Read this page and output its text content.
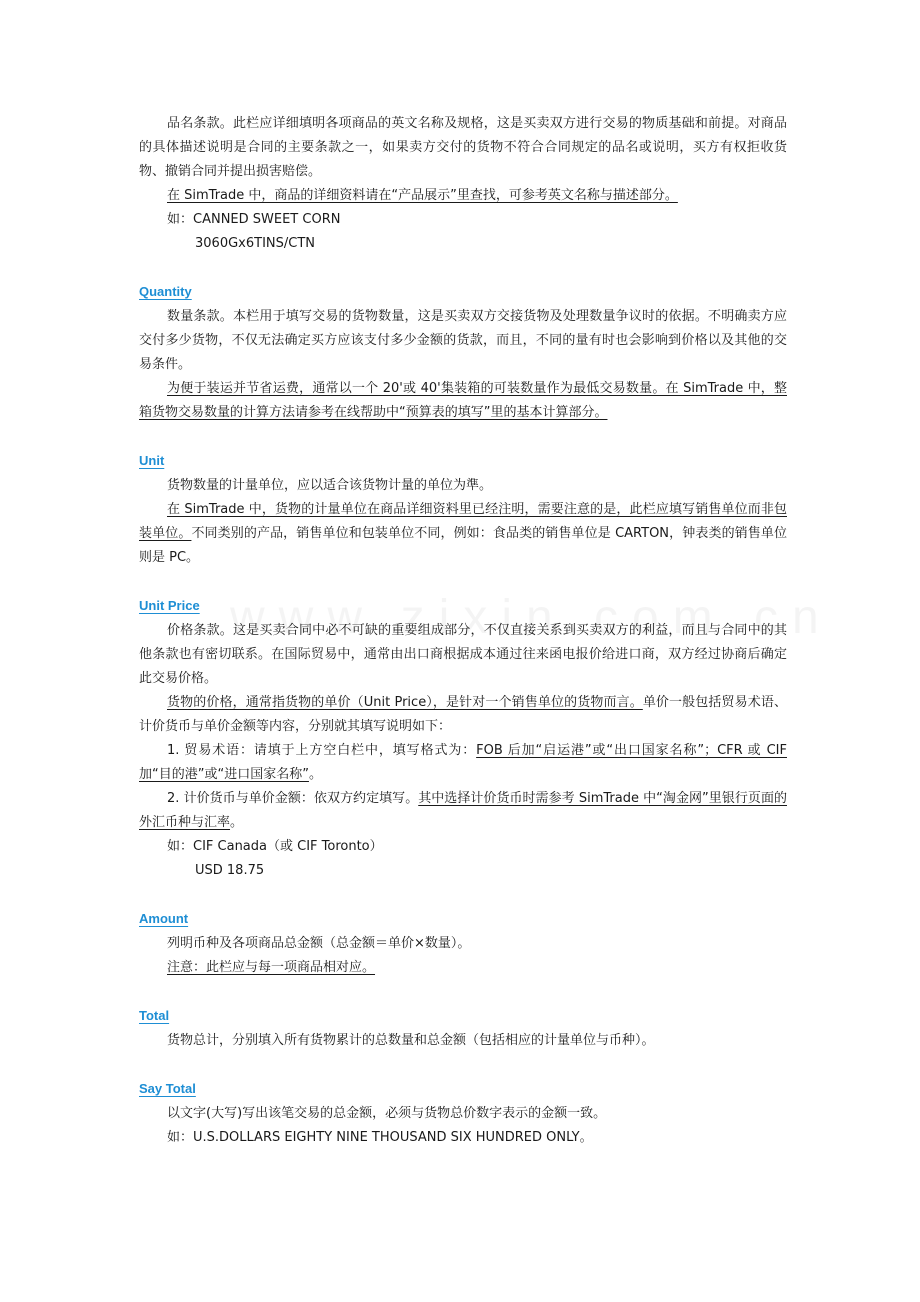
品名条款。此栏应详细填明各项商品的英文名称及规格，这是买卖双方进行交易的物质基础和前提。对商品的具体描述说明是合同的主要条款之一，如果卖方交付的货物不符合合同规定的品名或说明，买方有权拒收货物、撤销合同并提出损害赔偿。

在 SimTrade 中，商品的详细资料请在“产品展示”里查找，可参考英文名称与描述部分。

如：CANNED SWEET CORN

3060Gx6TINS/CTN

Quantity

数量条款。本栏用于填写交易的货物数量，这是买卖双方交接货物及处理数量争议时的依据。不明确卖方应交付多少货物，不仅无法确定买方应该支付多少金额的货款，而且，不同的量有时也会影响到价格以及其他的交易条件。

为便于装运并节省运费，通常以一个 20'或 40'集装箱的可装数量作为最低交易数量。在 SimTrade 中，整箱货物交易数量的计算方法请参考在线帮助中“预算表的填写”里的基本计算部分。

Unit

货物数量的计量单位，应以适合该货物计量的单位为準。

在 SimTrade 中，货物的计量单位在商品详细资料里已经注明，需要注意的是，此栏应填写销售单位而非包装单位。不同类别的产品，销售单位和包装单位不同，例如：食品类的销售单位是 CARTON，钟表类的销售单位则是 PC。

Unit Price

价格条款。这是买卖合同中必不可缺的重要组成部分，不仅直接关系到买卖双方的利益，而且与合同中的其他条款也有密切联系。在国际贸易中，通常由出口商根据成本通过往来函电报价给进口商，双方经过协商后确定此交易价格。

货物的价格，通常指货物的单价（Unit Price），是针对一个销售单位的货物而言。单价一般包括贸易术语、计价货币与单价金额等内容，分别就其填写说明如下：

1. 贸易术语：请填于上方空白栏中，填写格式为：FOB 后加“启运港”或“出口国家名称”；CFR 或 CIF 加“目的港”或“进口国家名称”。

2. 计价货币与单价金额：依双方约定填写。其中选择计价货币时需参考 SimTrade 中“淘金网”里银行页面的外汇币种与汇率。

如：CIF Canada（或 CIF Toronto）

USD 18.75

Amount

列明币种及各项商品总金额（总金额＝单价×数量）。

注意：此栏应与每一项商品相对应。

Total

货物总计，分别填入所有货物累计的总数量和总金额（包括相应的计量单位与币种）。

Say Total

以文字(大写)写出该笔交易的总金额，必须与货物总价数字表示的金额一致。

如：U.S.DOLLARS EIGHTY NINE THOUSAND SIX HUNDRED ONLY。
